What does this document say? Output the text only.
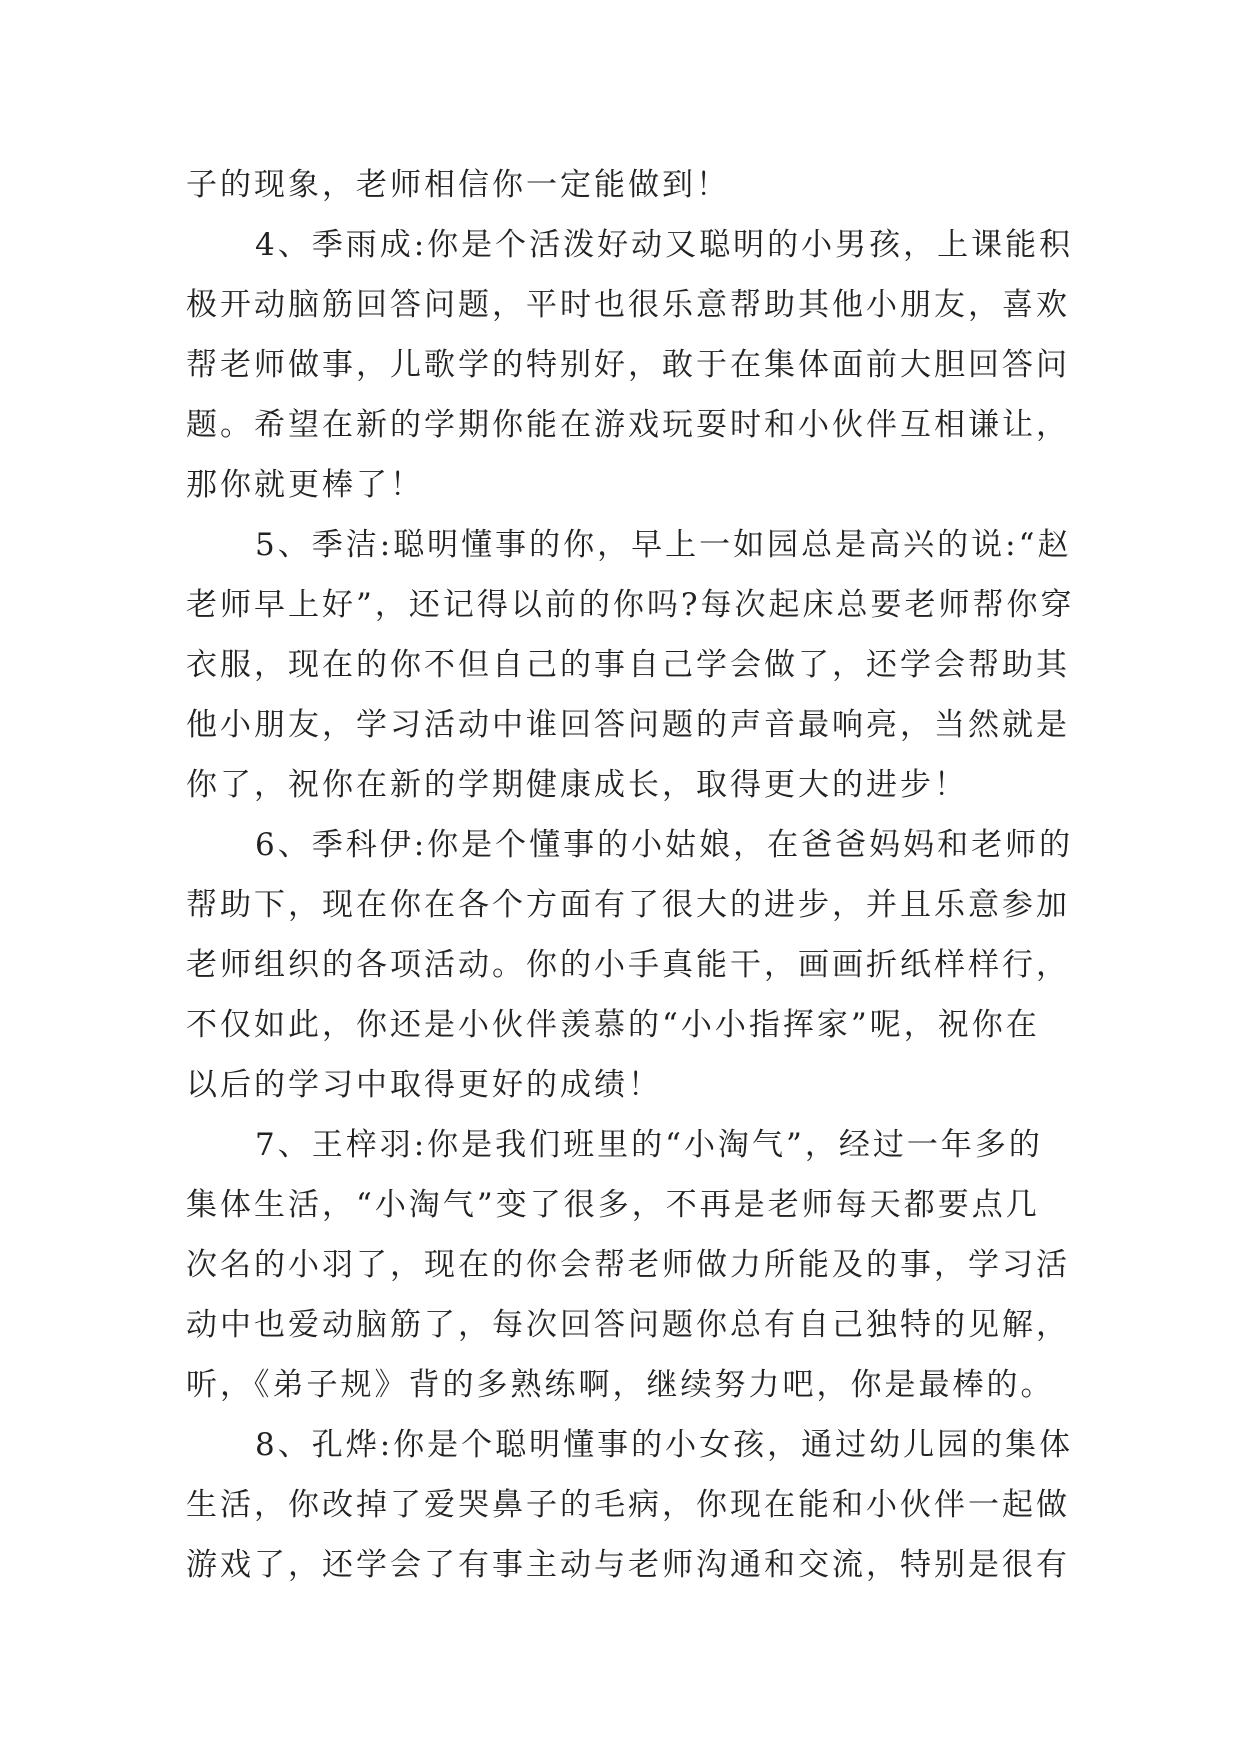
子的现象，老师相信你一定能做到！
4、季雨成:你是个活泼好动又聪明的小男孩，上课能积
极开动脑筋回答问题，平时也很乐意帮助其他小朋友，喜欢
帮老师做事，儿歌学的特别好，敢于在集体面前大胆回答问
题。希望在新的学期你能在游戏玩耍时和小伙伴互相谦让，
那你就更棒了！
5、季洁:聪明懂事的你，早上一如园总是高兴的说:“赵
老师早上好”，还记得以前的你吗?每次起床总要老师帮你穿
衣服，现在的你不但自己的事自己学会做了，还学会帮助其
他小朋友，学习活动中谁回答问题的声音最响亮，当然就是
你了，祝你在新的学期健康成长，取得更大的进步！
6、季科伊:你是个懂事的小姑娘，在爸爸妈妈和老师的
帮助下，现在你在各个方面有了很大的进步，并且乐意参加
老师组织的各项活动。你的小手真能干，画画折纸样样行，
不仅如此，你还是小伙伴羡慕的“小小指挥家”呢，祝你在
以后的学习中取得更好的成绩！
7、王梓羽:你是我们班里的“小淘气”，经过一年多的
集体生活，“小淘气”变了很多，不再是老师每天都要点几
次名的小羽了，现在的你会帮老师做力所能及的事，学习活
动中也爱动脑筋了，每次回答问题你总有自己独特的见解，
听，《弟子规》背的多熟练啊，继续努力吧，你是最棒的。
8、孔烨:你是个聪明懂事的小女孩，通过幼儿园的集体
生活，你改掉了爱哭鼻子的毛病，你现在能和小伙伴一起做
游戏了，还学会了有事主动与老师沟通和交流，特别是很有
